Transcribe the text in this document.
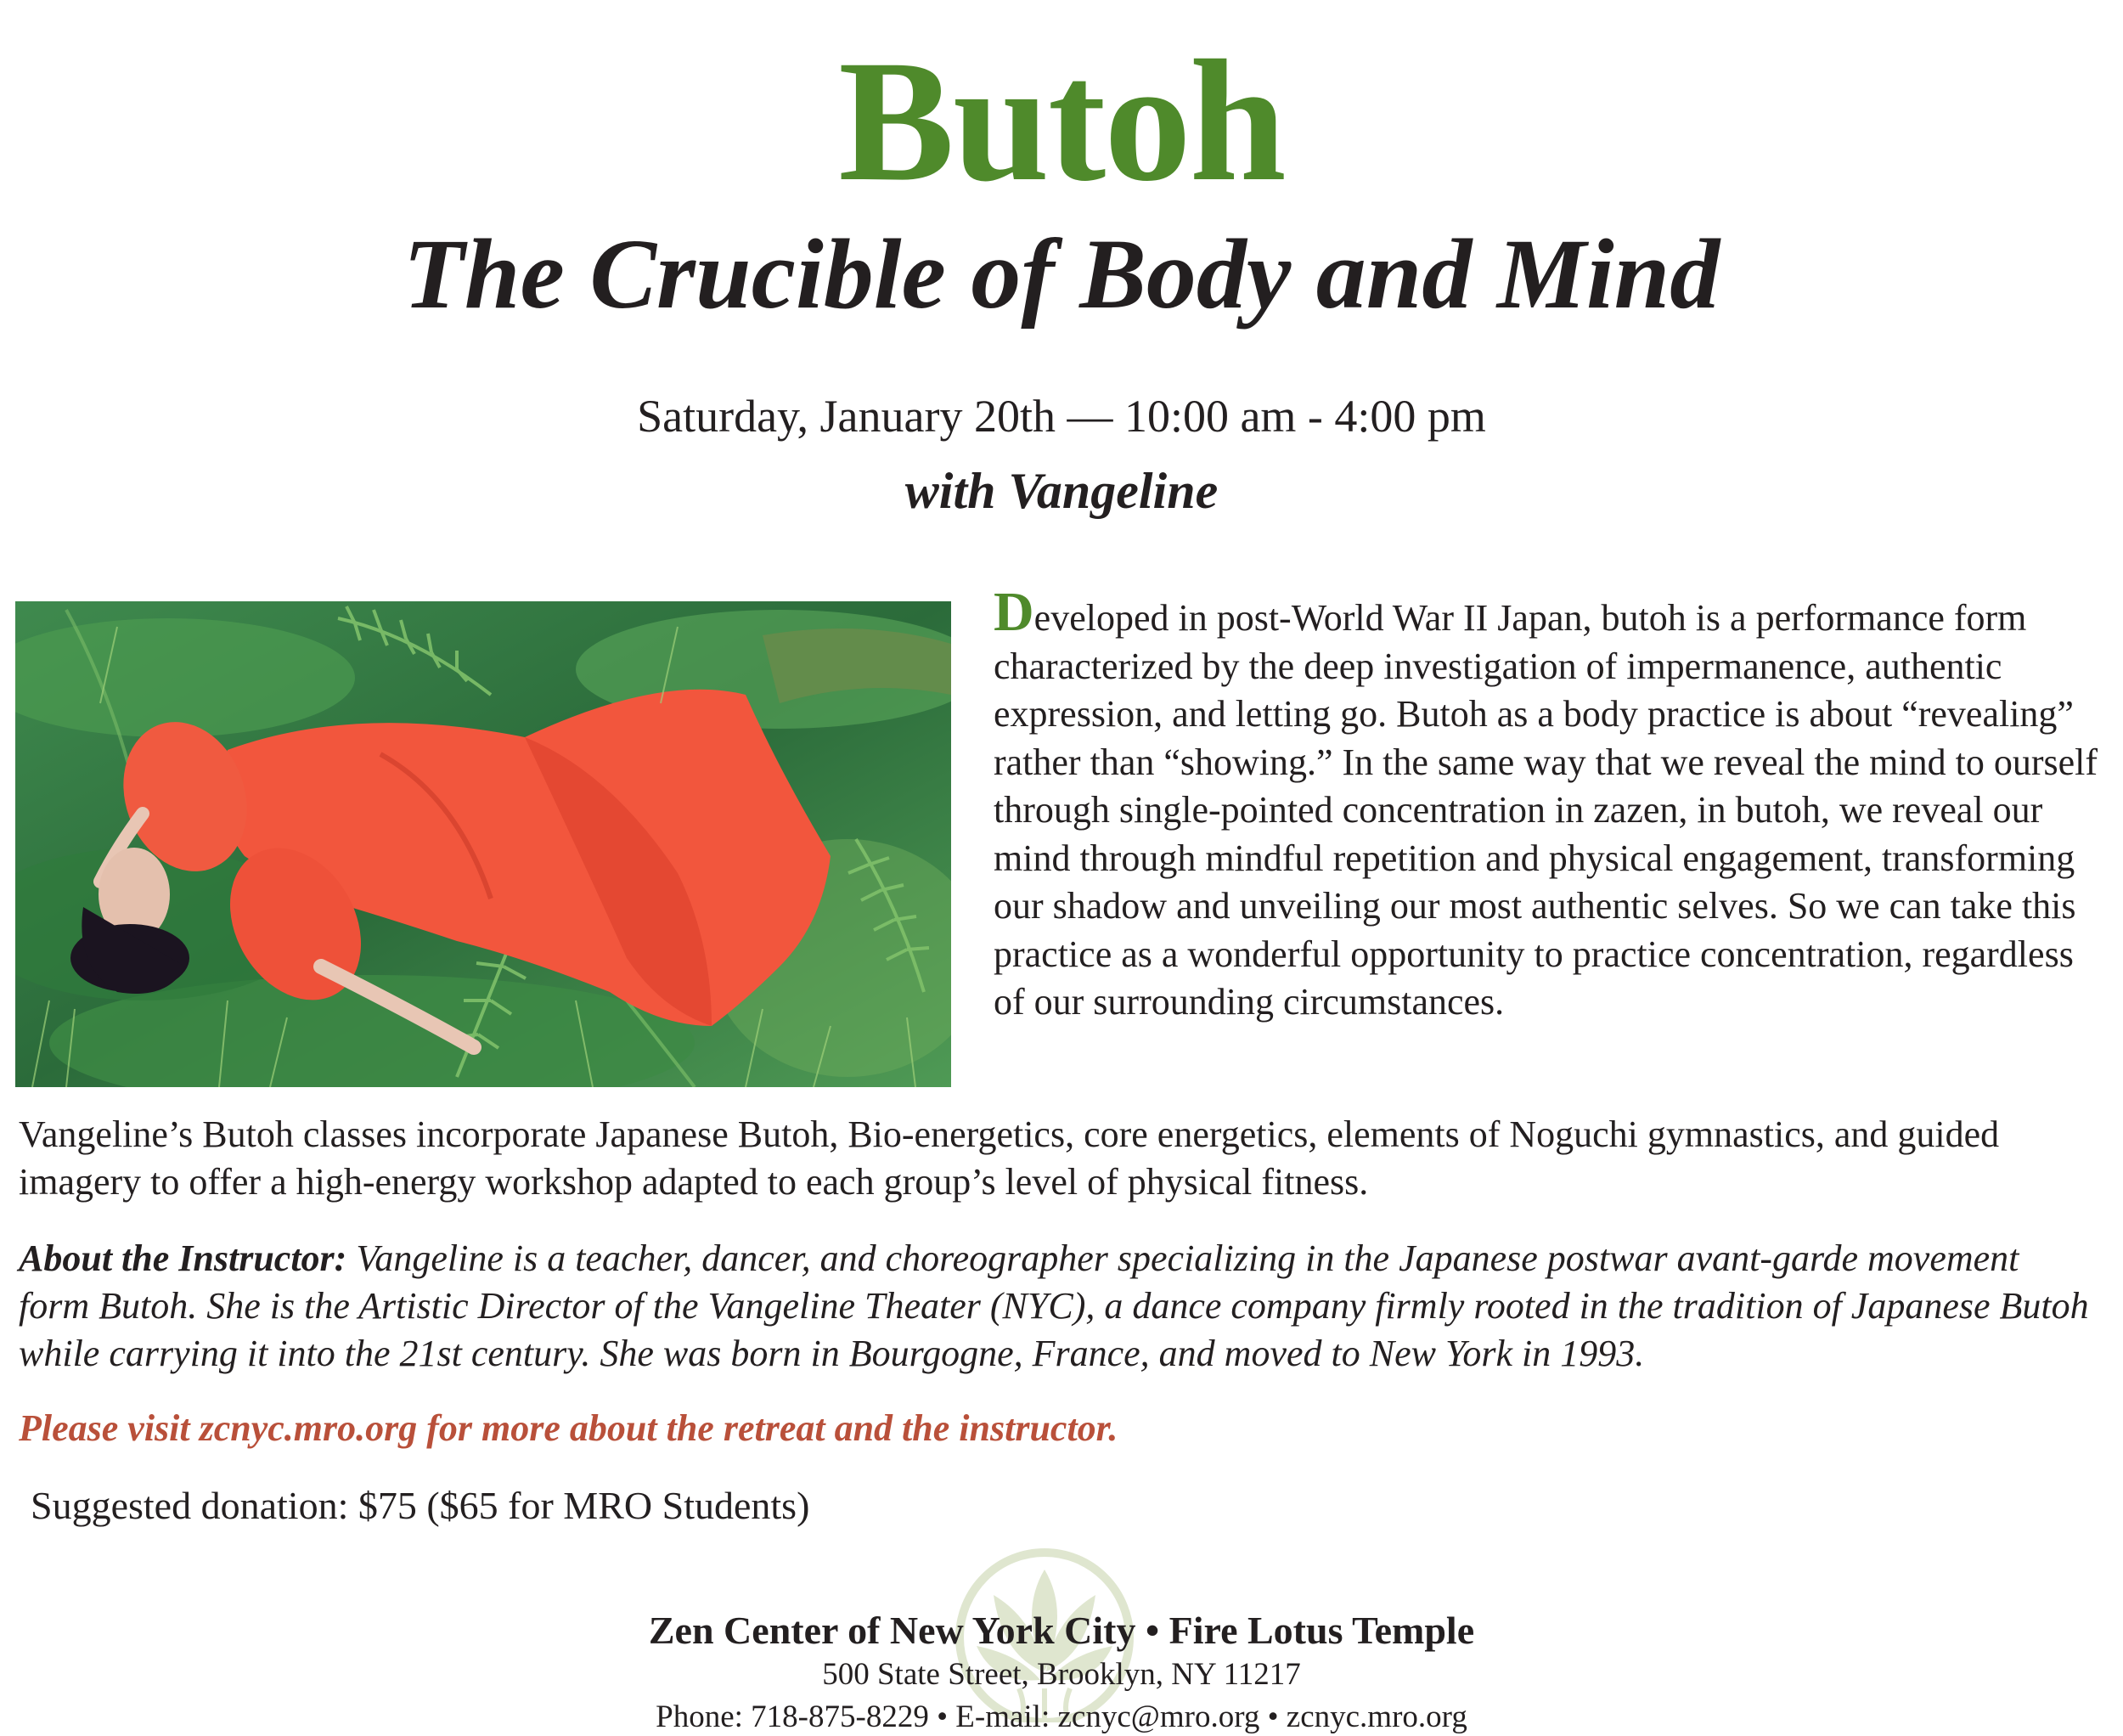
Butoh
The Crucible of Body and Mind
Saturday, January 20th — 10:00 am - 4:00 pm
with Vangeline

Developed in post-World War II Japan, butoh is a performance form characterized by the deep investigation of impermanence, authentic expression, and letting go. Butoh as a body practice is about “revealing” rather than “showing.” In the same way that we reveal the mind to ourself through single-pointed concentration in zazen, in butoh, we reveal our mind through mindful repetition and physical engagement, transforming our shadow and unveiling our most authentic selves. So we can take this practice as a wonderful opportunity to practice concentration, regardless of our surrounding circumstances.

Vangeline’s Butoh classes incorporate Japanese Butoh, Bio-energetics, core energetics, elements of Noguchi gymnastics, and guided imagery to offer a high-energy workshop adapted to each group’s level of physical fitness.

About the Instructor: Vangeline is a teacher, dancer, and choreographer specializing in the Japanese postwar avant-garde movement form Butoh. She is the Artistic Director of the Vangeline Theater (NYC), a dance company firmly rooted in the tradition of Japanese Butoh while carrying it into the 21st century. She was born in Bourgogne, France, and moved to New York in 1993.

Please visit zcnyc.mro.org for more about the retreat and the instructor.
Suggested donation: $75 ($65 for MRO Students)
Zen Center of New York City • Fire Lotus Temple
500 State Street, Brooklyn, NY 11217
Phone: 718-875-8229 • E-mail: zcnyc@mro.org • zcnyc.mro.org
